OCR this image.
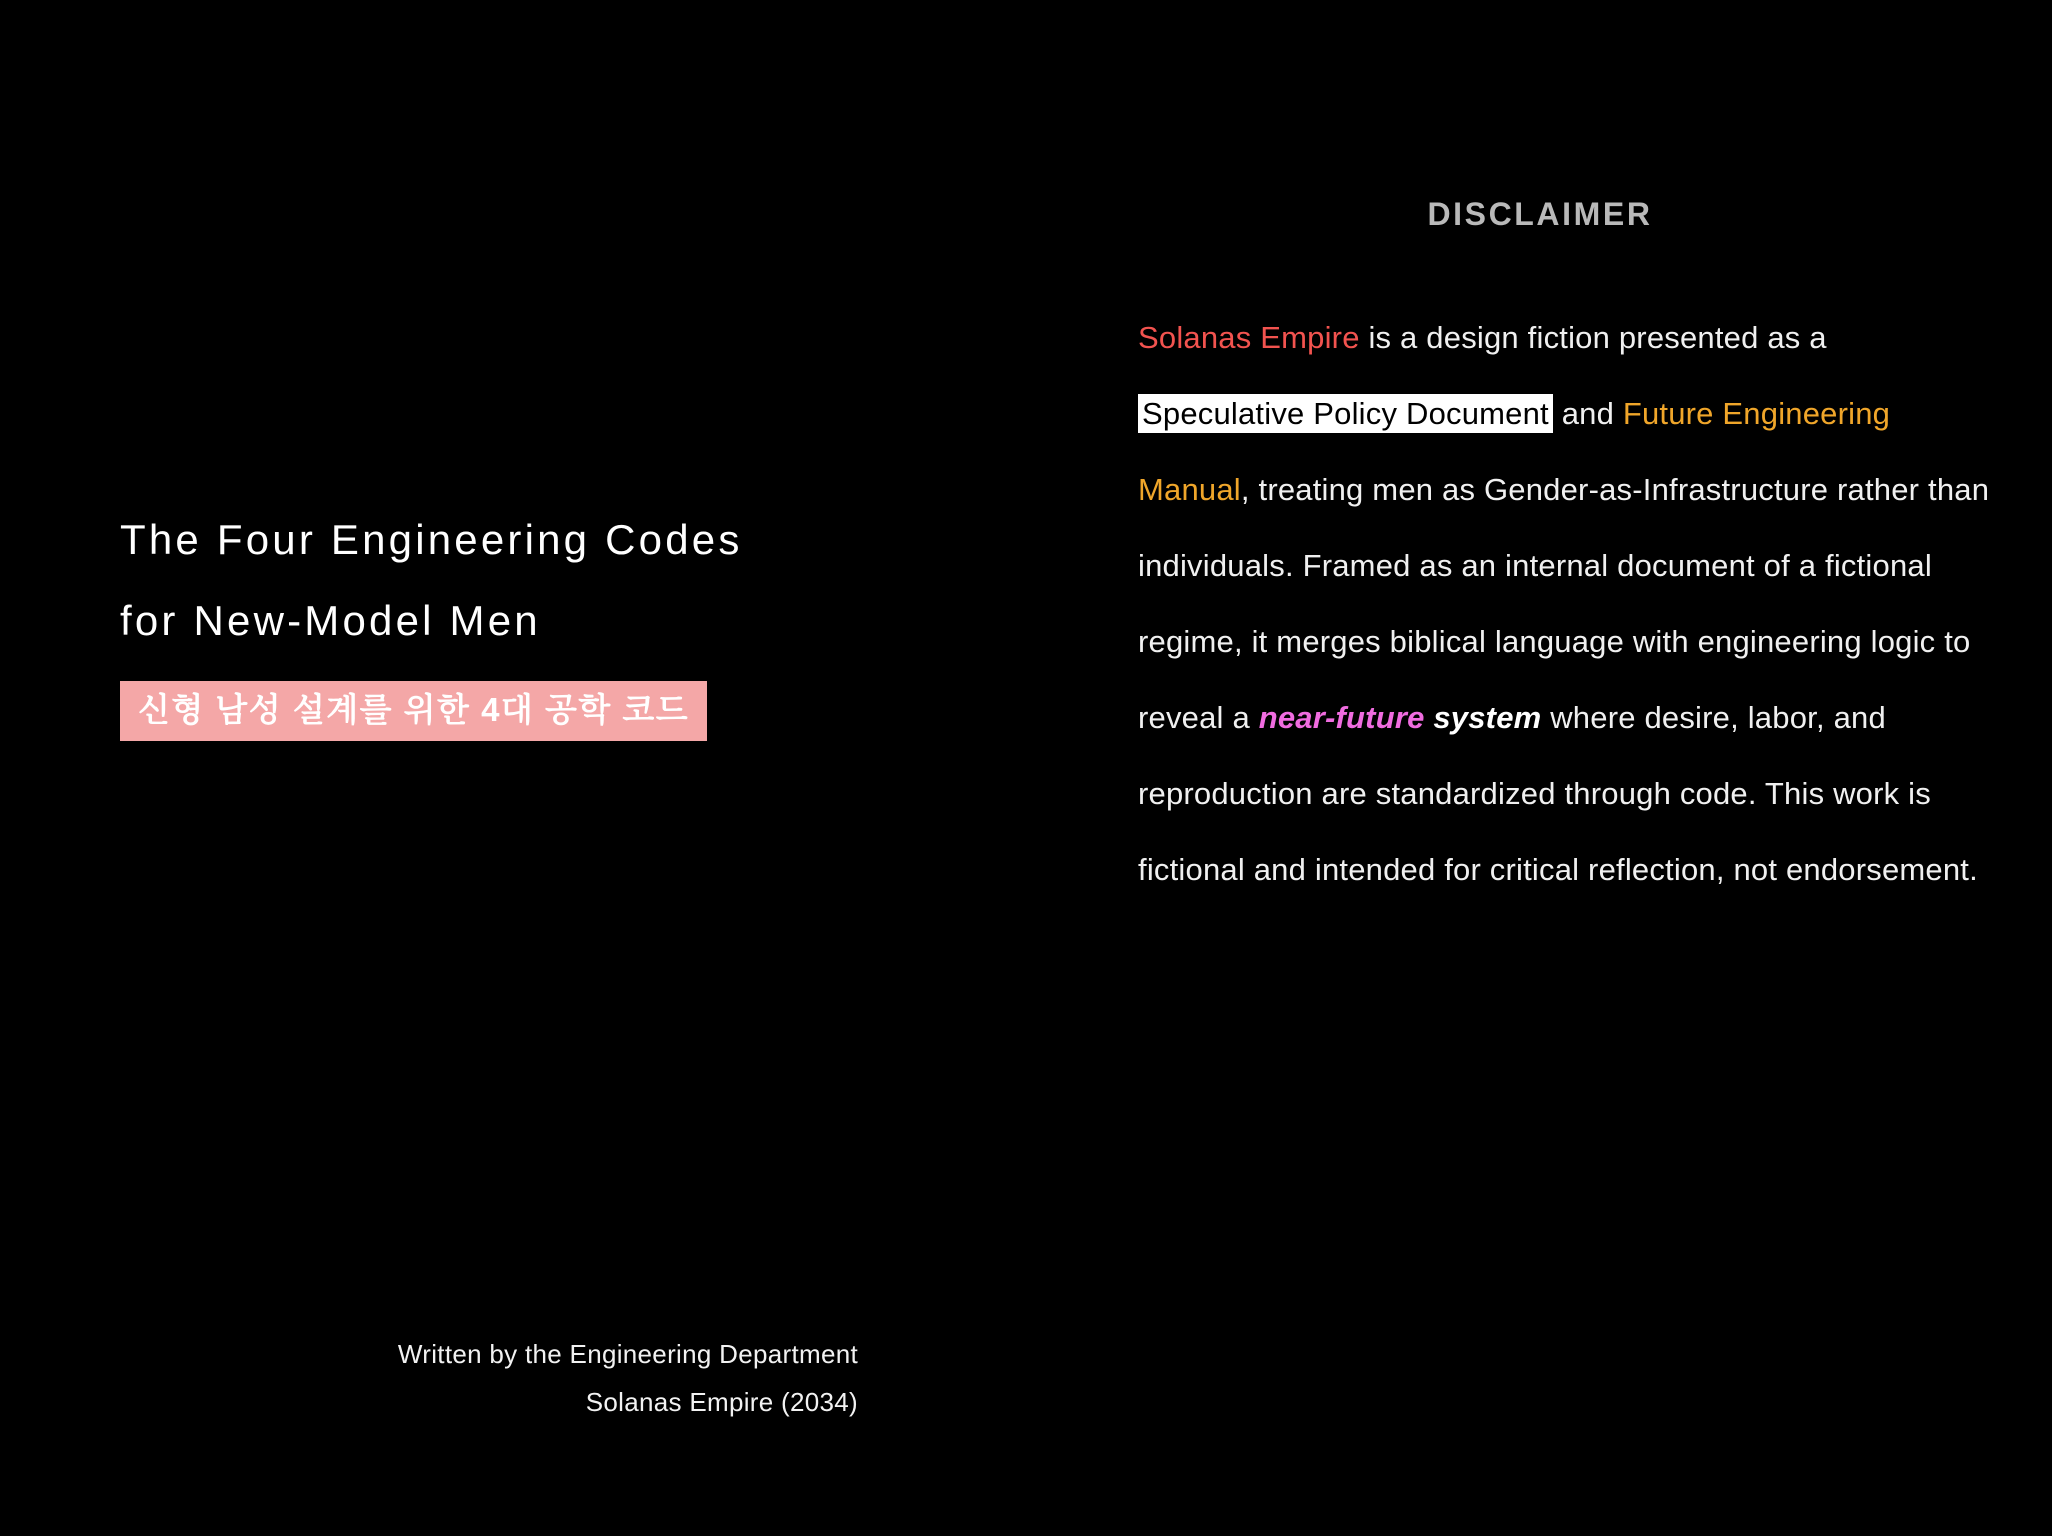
The Four Engineering Codes
for New-Model Men
신형 남성 설계를 위한 4대 공학 코드
Written by the Engineering Department
Solanas Empire (2034)
DISCLAIMER
Solanas Empire is a design fiction presented as a Speculative Policy Document and Future Engineering Manual, treating men as Gender-as-Infrastructure rather than individuals. Framed as an internal document of a fictional regime, it merges biblical language with engineering logic to reveal a near-future system where desire, labor, and reproduction are standardized through code. This work is fictional and intended for critical reflection, not endorsement.
